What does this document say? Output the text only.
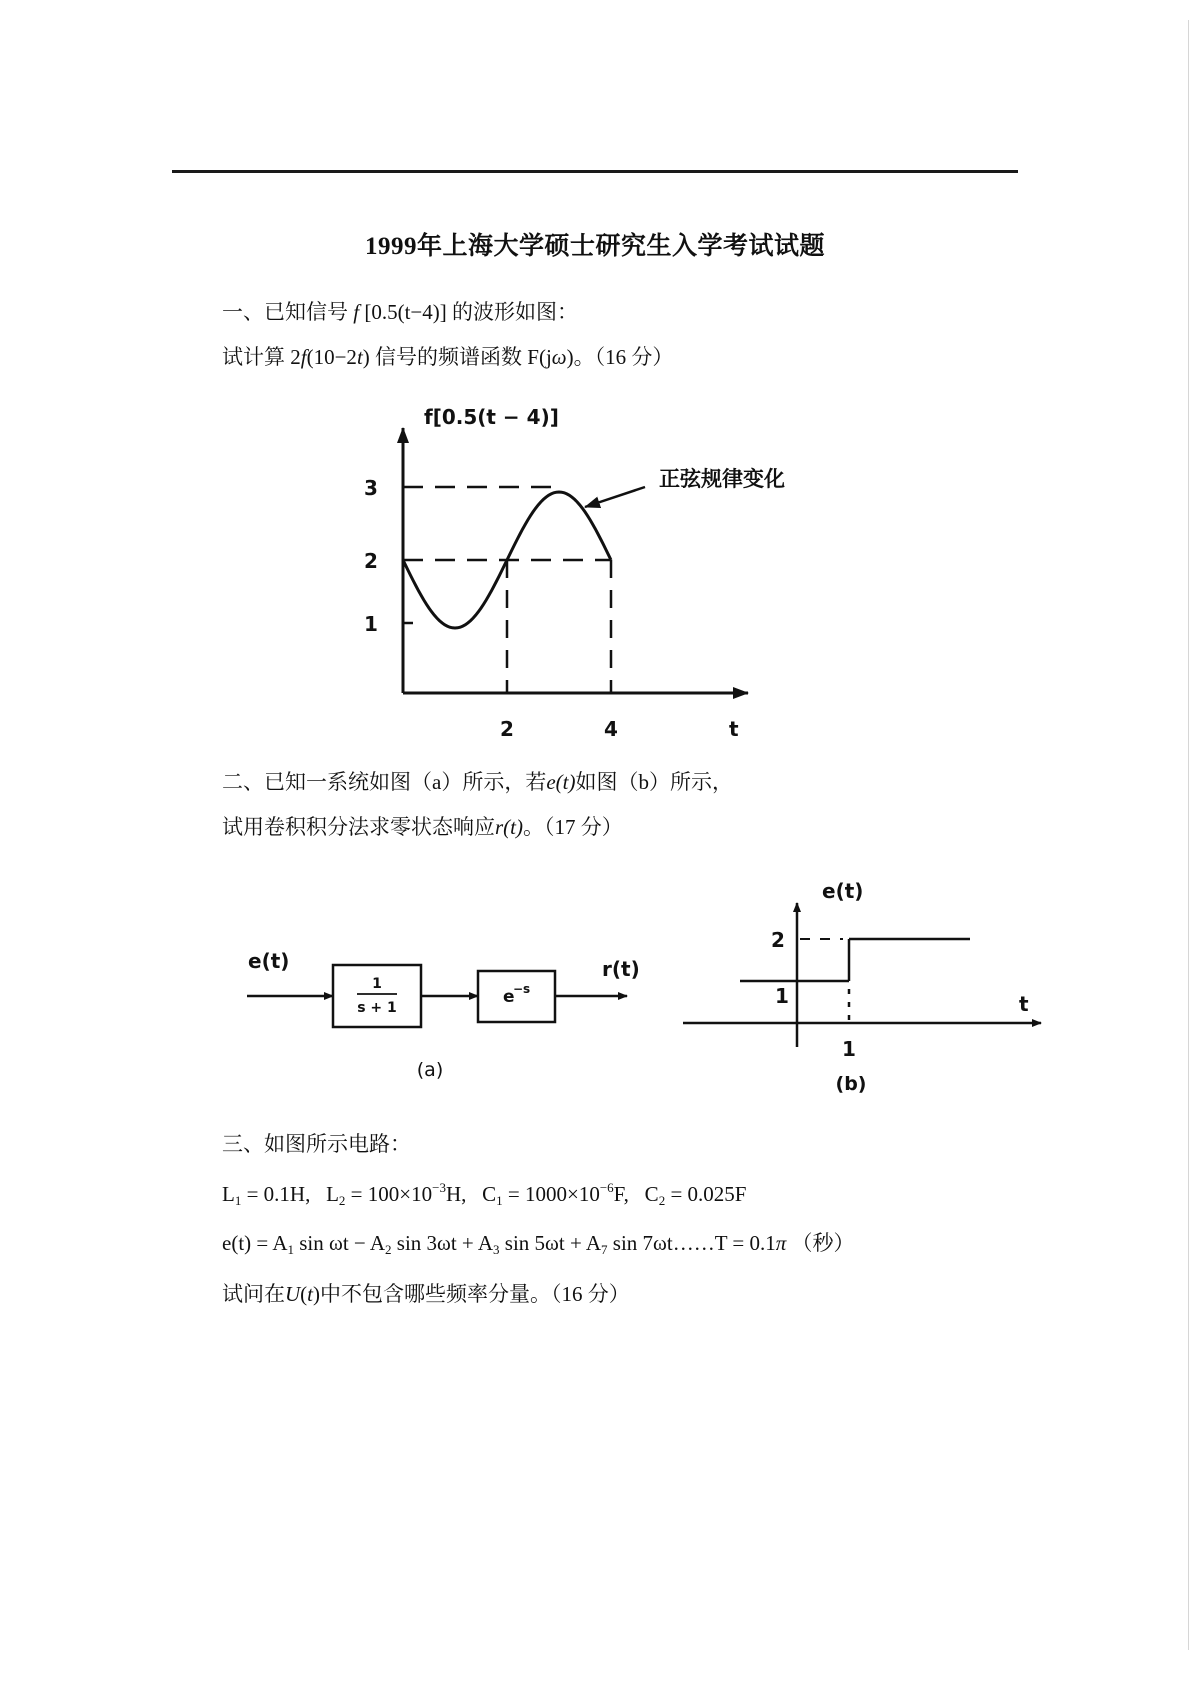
1999年上海大学硕士研究生入学考试试题
一、已知信号 f [0.5(t−4)] 的波形如图：
试计算 2f(10−2t) 信号的频谱函数 F(jω)。（16 分）
二、已知一系统如图（a）所示，若e(t)如图（b）所示，
试用卷积积分法求零状态响应r(t)。（17 分）
三、如图所示电路：
$L_1 = 0.1H$, $L_2 = 100\times 10^{-3}H$, $C_1 = 1000\times 10^{-6}F$, $C_2 = 0.025F$
$e(t) = A_1$ $\sin \omega t - A_2$ $\sin 3\omega t + A_3$ $\sin 5\omega t + A_7$ sin 7ωt……T = 0.1π （秒）
试问在U(t)中不包含哪些频率分量。（16 分）
f[0.5(t − 4)]
t
1
2
3
2	4
正弦规律变化
e(t)
1
s + 1
e
−s
r(t)
(a)
e(t)
t
1
2
1
(b)
